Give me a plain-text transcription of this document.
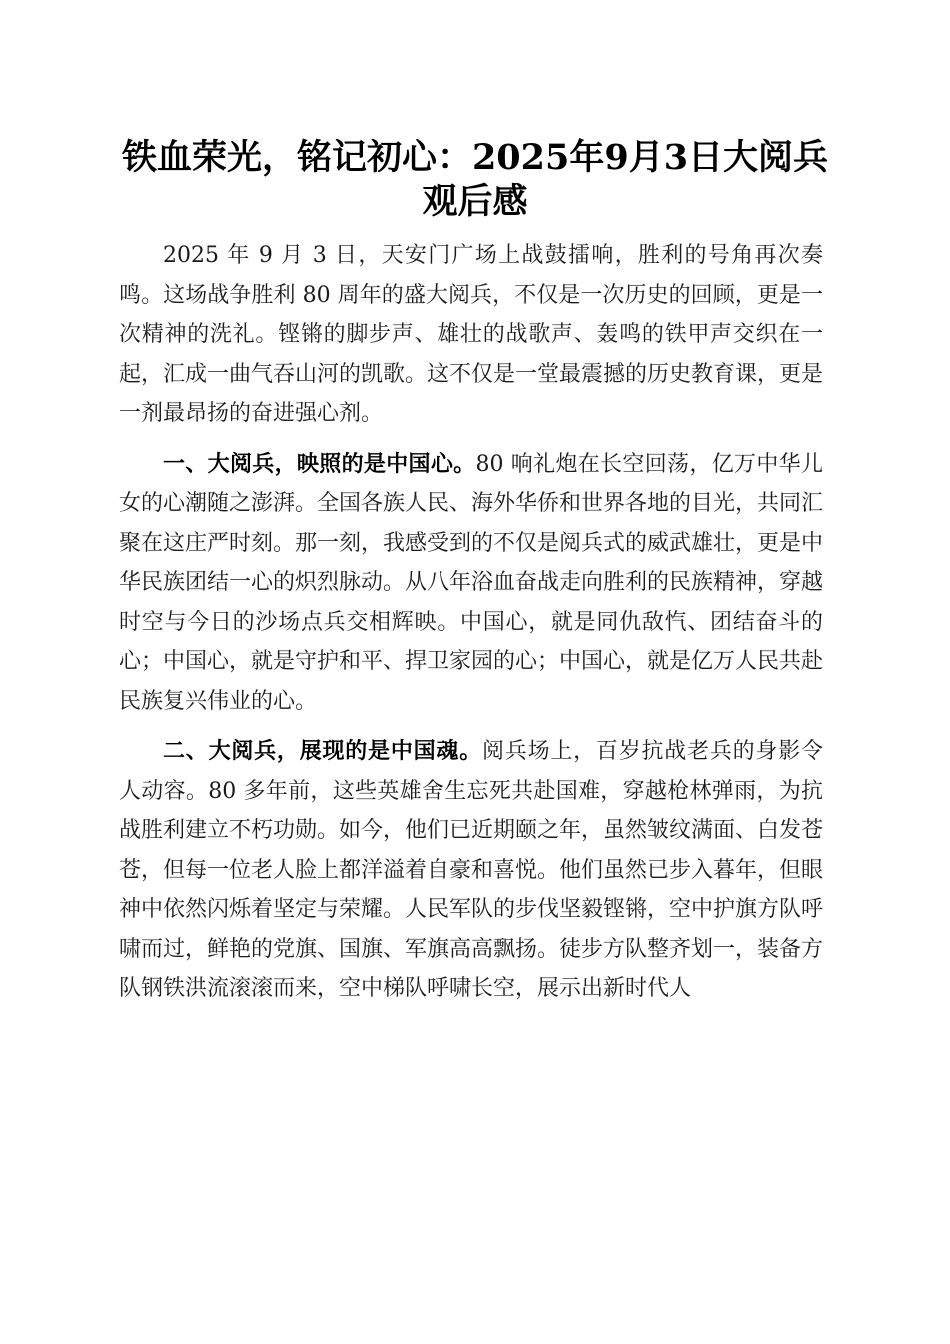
铁血荣光，铭记初心：2025年9月3日大阅兵观后感

2025 年 9 月 3 日，天安门广场上战鼓擂响，胜利的号角再次奏鸣。这场战争胜利 80 周年的盛大阅兵，不仅是一次历史的回顾，更是一次精神的洗礼。铿锵的脚步声、雄壮的战歌声、轰鸣的铁甲声交织在一起，汇成一曲气吞山河的凯歌。这不仅是一堂最震撼的历史教育课，更是一剂最昂扬的奋进强心剂。

一、大阅兵，映照的是中国心。80 响礼炮在长空回荡，亿万中华儿女的心潮随之澎湃。全国各族人民、海外华侨和世界各地的目光，共同汇聚在这庄严时刻。那一刻，我感受到的不仅是阅兵式的威武雄壮，更是中华民族团结一心的炽烈脉动。从八年浴血奋战走向胜利的民族精神，穿越时空与今日的沙场点兵交相辉映。中国心，就是同仇敌忾、团结奋斗的心；中国心，就是守护和平、捍卫家园的心；中国心，就是亿万人民共赴民族复兴伟业的心。

二、大阅兵，展现的是中国魂。阅兵场上，百岁抗战老兵的身影令人动容。80 多年前，这些英雄舍生忘死共赴国难，穿越枪林弹雨，为抗战胜利建立不朽功勋。如今，他们已近期颐之年，虽然皱纹满面、白发苍苍，但每一位老人脸上都洋溢着自豪和喜悦。他们虽然已步入暮年，但眼神中依然闪烁着坚定与荣耀。人民军队的步伐坚毅铿锵，空中护旗方队呼啸而过，鲜艳的党旗、国旗、军旗高高飘扬。徒步方队整齐划一，装备方队钢铁洪流滚滚而来，空中梯队呼啸长空，展示出新时代人
